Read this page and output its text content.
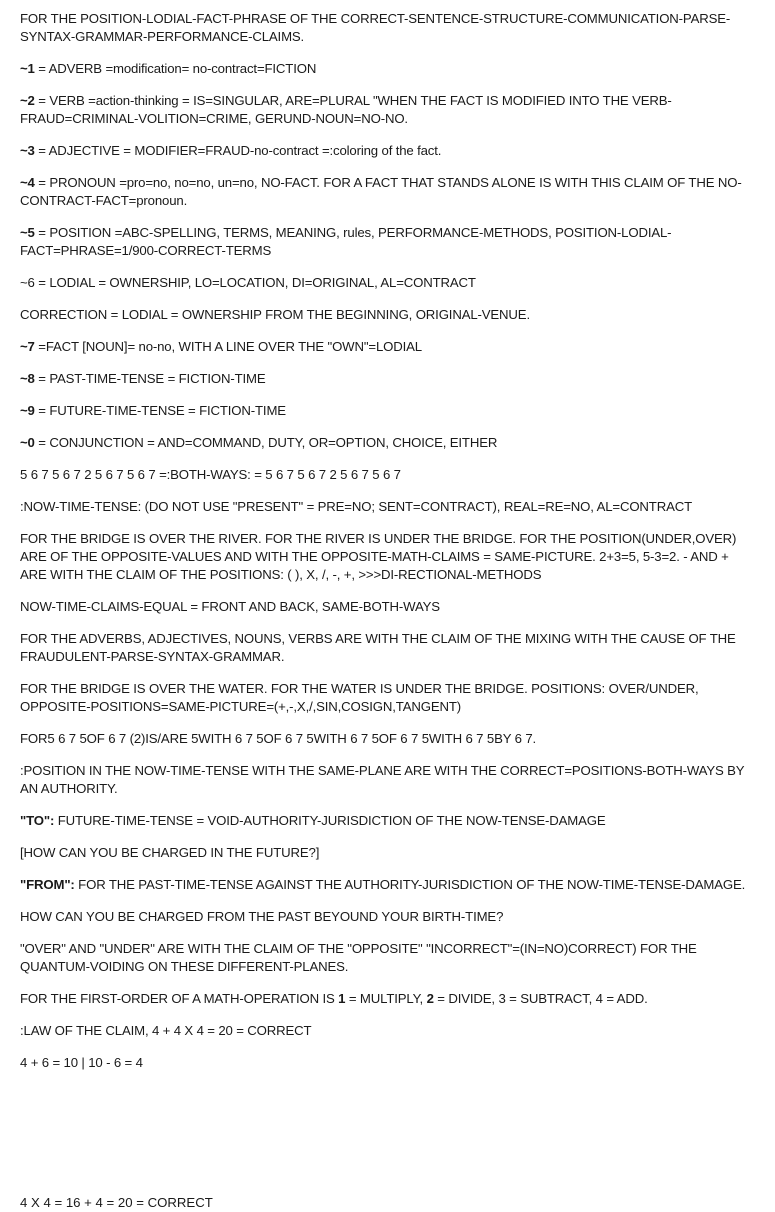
FOR THE POSITION-LODIAL-FACT-PHRASE OF THE CORRECT-SENTENCE-STRUCTURE-COMMUNICATION-PARSE-SYNTAX-GRAMMAR-PERFORMANCE-CLAIMS.

~1 = ADVERB =modification= no-contract=FICTION

~2 = VERB =action-thinking = IS=SINGULAR, ARE=PLURAL "WHEN THE FACT IS MODIFIED INTO THE VERB-FRAUD=CRIMINAL-VOLITION=CRIME, GERUND-NOUN=NO-NO.

~3 = ADJECTIVE = MODIFIER=FRAUD-no-contract =:coloring of the fact.

~4 = PRONOUN =pro=no, no=no, un=no, NO-FACT. FOR A FACT THAT STANDS ALONE IS WITH THIS CLAIM OF THE NO-CONTRACT-FACT=pronoun.

~5 = POSITION =ABC-SPELLING, TERMS, MEANING, rules, PERFORMANCE-METHODS, POSITION-LODIAL-FACT=PHRASE=1/900-CORRECT-TERMS

~6 = LODIAL = OWNERSHIP, LO=LOCATION, DI=ORIGINAL, AL=CONTRACT

CORRECTION = LODIAL = OWNERSHIP FROM THE BEGINNING, ORIGINAL-VENUE.

~7 =FACT [NOUN]= no-no, WITH A LINE OVER THE "OWN"=LODIAL

~8 = PAST-TIME-TENSE = FICTION-TIME

~9 = FUTURE-TIME-TENSE = FICTION-TIME

~0 = CONJUNCTION = AND=COMMAND, DUTY, OR=OPTION, CHOICE, EITHER

5 6 7 5 6 7 2 5 6 7 5 6 7 =:BOTH-WAYS: = 5 6 7 5 6 7 2 5 6 7 5 6 7

:NOW-TIME-TENSE: (DO NOT USE "PRESENT" = PRE=NO; SENT=CONTRACT), REAL=RE=NO, AL=CONTRACT

FOR THE BRIDGE IS OVER THE RIVER. FOR THE RIVER IS UNDER THE BRIDGE. FOR THE POSITION(UNDER,OVER) ARE OF THE OPPOSITE-VALUES AND WITH THE OPPOSITE-MATH-CLAIMS = SAME-PICTURE. 2+3=5, 5-3=2. - AND + ARE WITH THE CLAIM OF THE POSITIONS: ( ), X, /, -, +, >>>DI-RECTIONAL-METHODS

NOW-TIME-CLAIMS-EQUAL = FRONT AND BACK, SAME-BOTH-WAYS

FOR THE ADVERBS, ADJECTIVES, NOUNS, VERBS ARE WITH THE CLAIM OF THE MIXING WITH THE CAUSE OF THE FRAUDULENT-PARSE-SYNTAX-GRAMMAR.

FOR THE BRIDGE IS OVER THE WATER. FOR THE WATER IS UNDER THE BRIDGE. POSITIONS: OVER/UNDER, OPPOSITE-POSITIONS=SAME-PICTURE=(+,-,X,/,SIN,COSIGN,TANGENT)

FOR5 6 7 5OF 6 7 (2)IS/ARE 5WITH 6 7 5OF 6 7 5WITH 6 7 5OF 6 7 5WITH 6 7 5BY 6 7.

:POSITION IN THE NOW-TIME-TENSE WITH THE SAME-PLANE ARE WITH THE CORRECT=POSITIONS-BOTH-WAYS BY AN AUTHORITY.

"TO": FUTURE-TIME-TENSE = VOID-AUTHORITY-JURISDICTION OF THE NOW-TENSE-DAMAGE

[HOW CAN YOU BE CHARGED IN THE FUTURE?]

"FROM": FOR THE PAST-TIME-TENSE AGAINST THE AUTHORITY-JURISDICTION OF THE NOW-TIME-TENSE-DAMAGE.

HOW CAN YOU BE CHARGED FROM THE PAST BEYOUND YOUR BIRTH-TIME?

"OVER" AND "UNDER" ARE WITH THE CLAIM OF THE "OPPOSITE" "INCORRECT"=(IN=NO)CORRECT) FOR THE QUANTUM-VOIDING ON THESE DIFFERENT-PLANES.

FOR THE FIRST-ORDER OF A MATH-OPERATION IS 1 = MULTIPLY, 2 = DIVIDE, 3 = SUBTRACT, 4 = ADD.

:LAW OF THE CLAIM, 4 + 4 X 4 = 20 = CORRECT

4 + 6 = 10 | 10 - 6 = 4

4 X 4 = 16 + 4 = 20 = CORRECT
